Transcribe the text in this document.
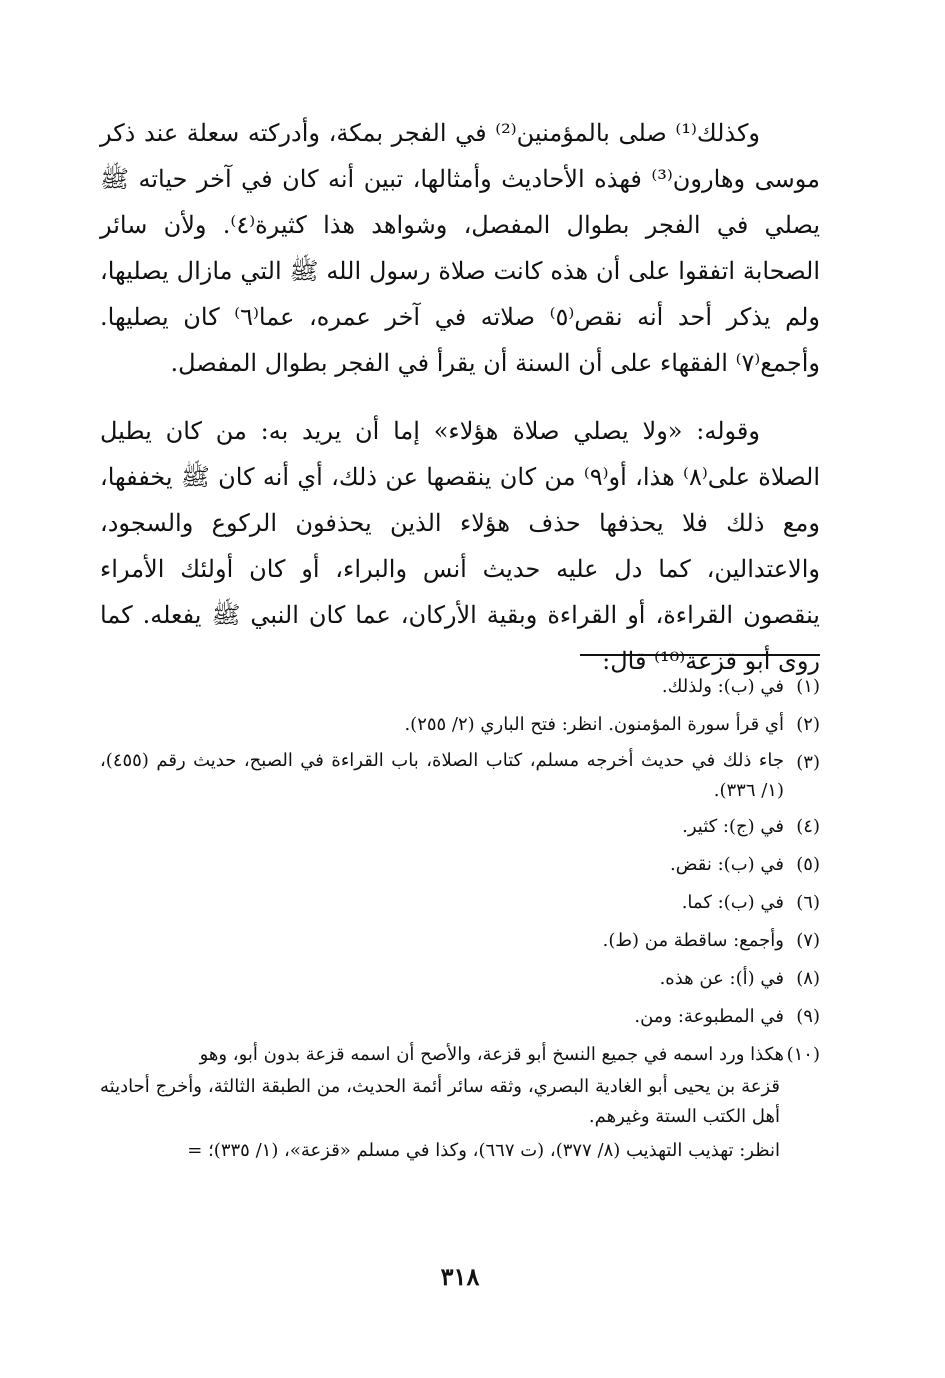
وكذلك⁽¹⁾ صلى بالمؤمنين⁽²⁾ في الفجر بمكة، وأدركته سعلة عند ذكر موسى وهارون⁽³⁾ فهذه الأحاديث وأمثالها، تبين أنه كان في آخر حياته ﷺ يصلي في الفجر بطوال المفصل، وشواهد هذا كثيرة⁽٤⁾. ولأن سائر الصحابة اتفقوا على أن هذه كانت صلاة رسول الله ﷺ التي مازال يصليها، ولم يذكر أحد أنه نقص⁽٥⁾ صلاته في آخر عمره، عما⁽٦⁾ كان يصليها. وأجمع⁽٧⁾ الفقهاء على أن السنة أن يقرأ في الفجر بطوال المفصل.

وقوله: «ولا يصلي صلاة هؤلاء» إما أن يريد به: من كان يطيل الصلاة على⁽٨⁾ هذا، أو⁽٩⁾ من كان ينقصها عن ذلك، أي أنه كان ﷺ يخففها، ومع ذلك فلا يحذفها حذف هؤلاء الذين يحذفون الركوع والسجود، والاعتدالين، كما دل عليه حديث أنس والبراء، أو كان أولئك الأمراء ينقصون القراءة، أو القراءة وبقية الأركان، عما كان النبي ﷺ يفعله. كما روى أبو قزعة⁽¹⁰⁾ قال:

(١)
في (ب): ولذلك.
(٢)
أي قرأ سورة المؤمنون. انظر: فتح الباري (٢/ ٢٥٥).
(٣)
جاء ذلك في حديث أخرجه مسلم، كتاب الصلاة، باب القراءة في الصبح، حديث رقم (٤٥٥)، (١/ ٣٣٦).
(٤)
في (ج): كثير.
(٥)
في (ب): نقض.
(٦)
في (ب): كما.
(٧)
وأجمع: ساقطة من (ط).
(٨)
في (أ): عن هذه.
(٩)
في المطبوعة: ومن.
(١٠)
هكذا ورد اسمه في جميع النسخ أبو قزعة، والأصح أن اسمه قزعة بدون أبو، وهو
قزعة بن يحيى أبو الغادية البصري، وثقه سائر أئمة الحديث، من الطبقة الثالثة، وأخرج أحاديثه أهل الكتب الستة وغيرهم.
انظر: تهذيب التهذيب (٨/ ٣٧٧)، (ت ٦٦٧)، وكذا في مسلم «قزعة»، (١/ ٣٣٥)؛ =
٣١٨
